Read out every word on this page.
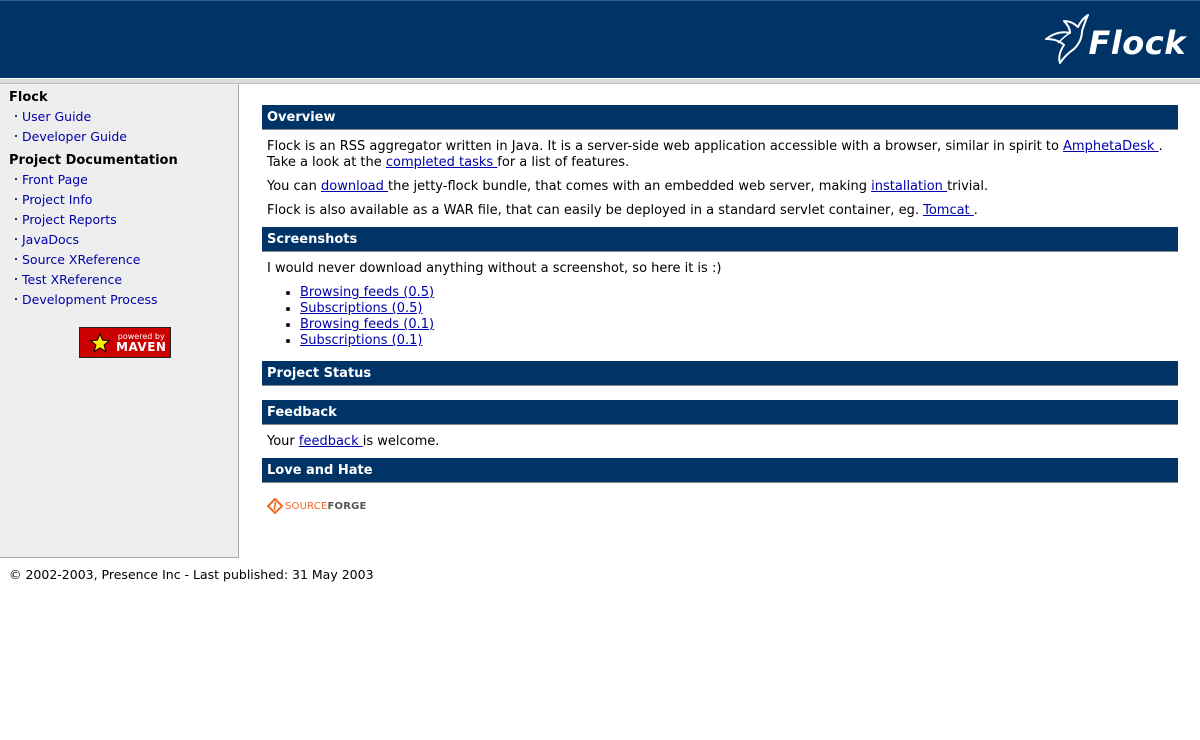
Flock
Flock
User Guide
Developer Guide
Project Documentation
Front Page
Project Info
Project Reports
JavaDocs
Source XReference
Test XReference
Development Process
powered by
MAVEN
Overview

Flock is an RSS aggregator written in Java. It is a server-side web application accessible with a browser, similar in spirit to AmphetaDesk . Take a look at the completed tasks for a list of features.

You can download the jetty-flock bundle, that comes with an embedded web server, making installation trivial.

Flock is also available as a WAR file, that can easily be deployed in a standard servlet container, eg. Tomcat .

Screenshots

I would never download anything without a screenshot, so here it is :)

• Browsing feeds (0.5)
• Subscriptions (0.5)
• Browsing feeds (0.1)
• Subscriptions (0.1)
Project Status
Feedback

Your feedback is welcome.

Love and Hate
SOURCE FORGE
© 2002-2003, Presence Inc - Last published: 31 May 2003
